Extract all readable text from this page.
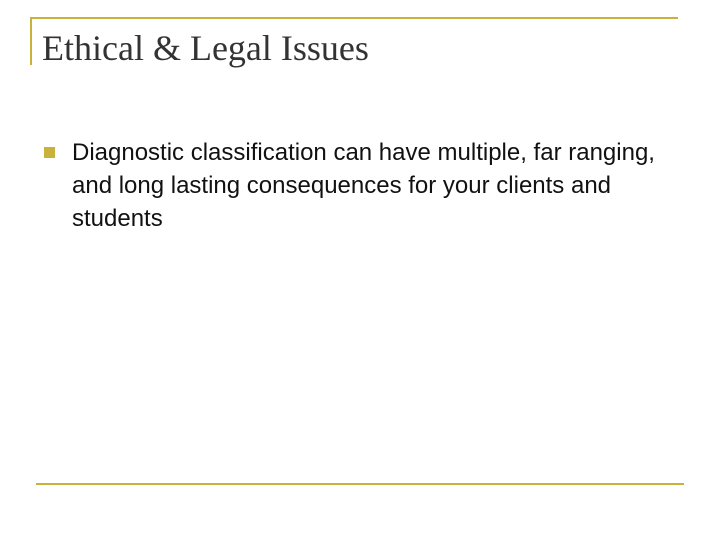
Ethical & Legal Issues
Diagnostic classification can have multiple, far ranging, and long lasting consequences for your clients and students
